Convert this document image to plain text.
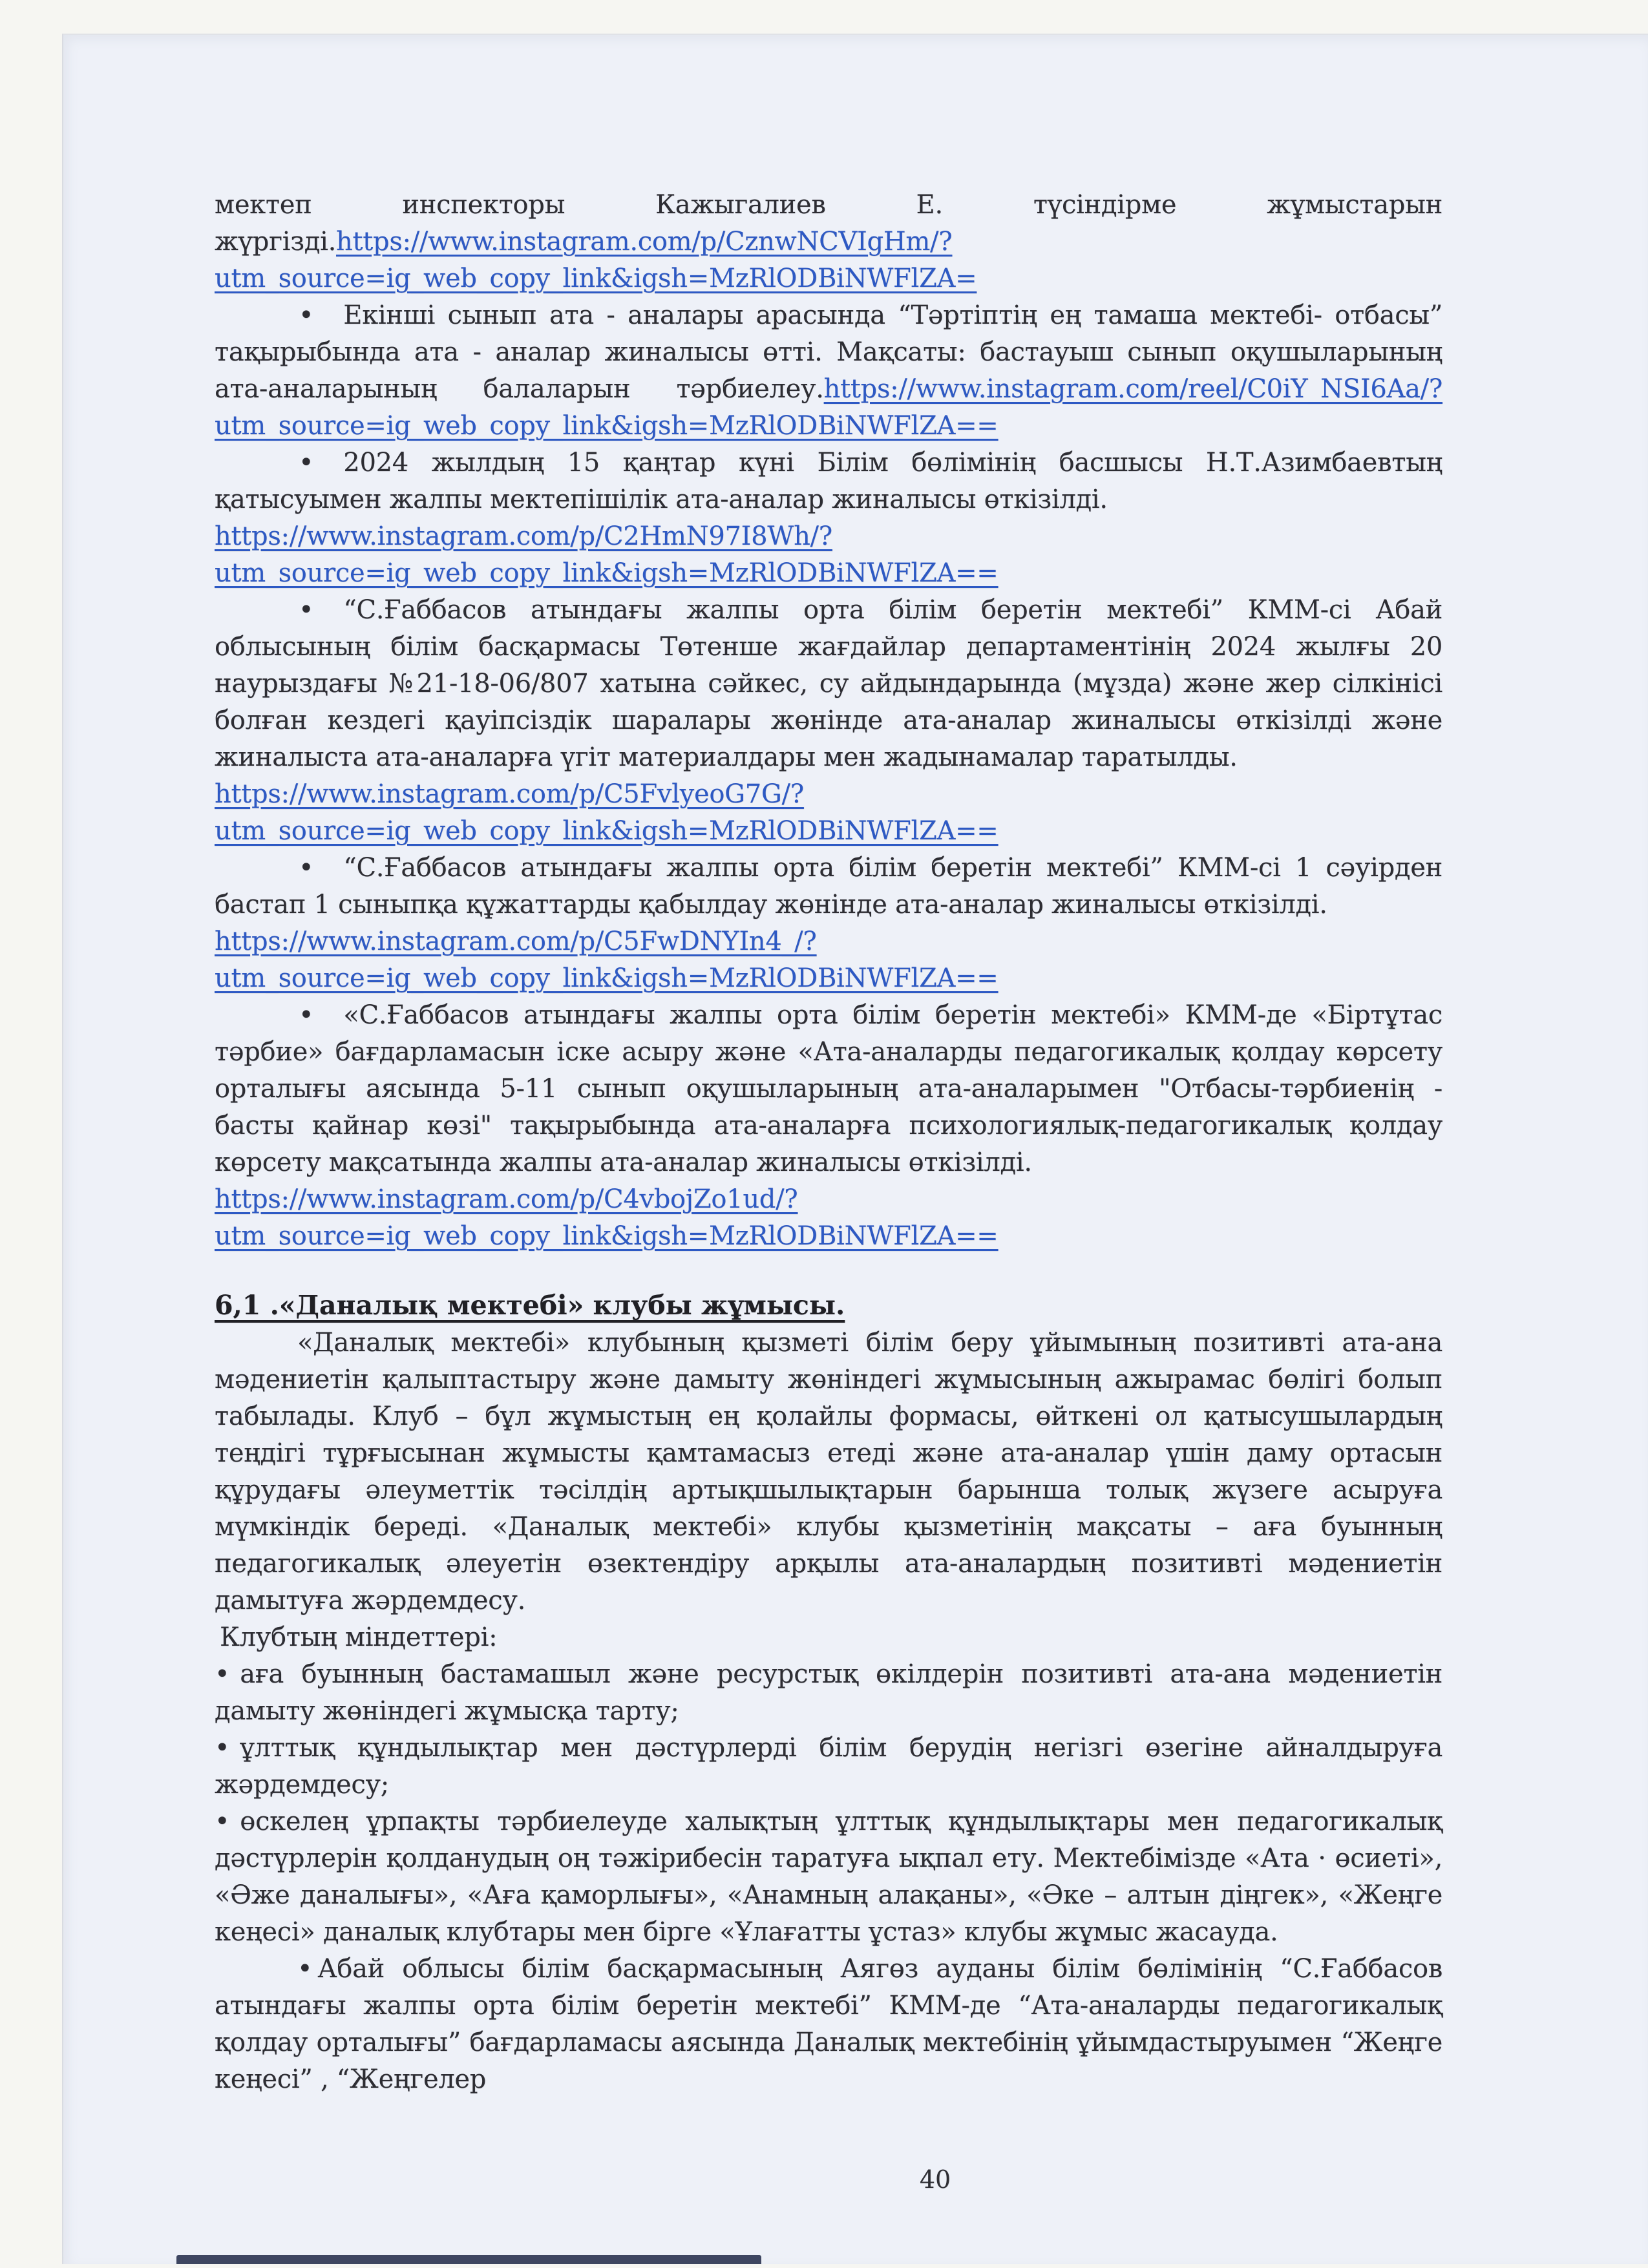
мектеп инспекторы Кажыгалиев Е. түсіндірме жұмыстарын жүргізді.https://www.instagram.com/p/CznwNCVIgHm/?utm_source=ig_web_copy_link&igsh=MzRlODBiNWFlZA=

• Екінші сынып ата - аналары арасында “Тәртіптің ең тамаша мектебі- отбасы” тақырыбында ата - аналар жиналысы өтті. Мақсаты: бастауыш сынып оқушыларының ата-аналарының балаларын тәрбиелеу.https://www.instagram.com/reel/C0iY_NSI6Aa/?utm_source=ig_web_copy_link&igsh=MzRlODBiNWFlZA==

• 2024 жылдың 15 қаңтар күні Білім бөлімінің басшысы Н.Т.Азимбаевтың қатысуымен жалпы мектепішілік ата-аналар жиналысы өткізілді.

https://www.instagram.com/p/C2HmN97I8Wh/?utm_source=ig_web_copy_link&igsh=MzRlODBiNWFlZA==

• “С.Ғаббасов атындағы жалпы орта білім беретін мектебі” КММ-сі Абай облысының білім басқармасы Төтенше жағдайлар департаментінің 2024 жылғы 20 наурыздағы №21-18-06/807 хатына сәйкес, су айдындарында (мұзда) және жер сілкінісі болған кездегі қауіпсіздік шаралары жөнінде ата-аналар жиналысы өткізілді және жиналыста ата-аналарға үгіт материалдары мен жадынамалар таратылды.

https://www.instagram.com/p/C5FvlyeoG7G/?utm_source=ig_web_copy_link&igsh=MzRlODBiNWFlZA==

• “С.Ғаббасов атындағы жалпы орта білім беретін мектебі” КММ-сі 1 сәуірден бастап 1 сыныпқа құжаттарды қабылдау жөнінде ата-аналар жиналысы өткізілді.

https://www.instagram.com/p/C5FwDNYIn4_/?utm_source=ig_web_copy_link&igsh=MzRlODBiNWFlZA==

• «С.Ғаббасов атындағы жалпы орта білім беретін мектебі» КММ-де «Біртұтас тәрбие» бағдарламасын іске асыру және «Ата-аналарды педагогикалық қолдау көрсету орталығы аясында 5-11 сынып оқушыларының ата-аналарымен "Отбасы-тәрбиенің - басты қайнар көзі" тақырыбында ата-аналарға психологиялық-педагогикалық қолдау көрсету мақсатында жалпы ата-аналар жиналысы өткізілді.

https://www.instagram.com/p/C4vbojZo1ud/?utm_source=ig_web_copy_link&igsh=MzRlODBiNWFlZA==

6,1 .«Даналық мектебі» клубы жұмысы.

«Даналық мектебі» клубының қызметі білім беру ұйымының позитивті ата-ана мәдениетін қалыптастыру және дамыту жөніндегі жұмысының ажырамас бөлігі болып табылады. Клуб – бұл жұмыстың ең қолайлы формасы, өйткені ол қатысушылардың теңдігі тұрғысынан жұмысты қамтамасыз етеді және ата-аналар үшін даму ортасын құрудағы әлеуметтік тәсілдің артықшылықтарын барынша толық жүзеге асыруға мүмкіндік береді. «Даналық мектебі» клубы қызметінің мақсаты – аға буынның педагогикалық әлеуетін өзектендіру арқылы ата-аналардың позитивті мәдениетін дамытуға жәрдемдесу.

Клубтың міндеттері:

• аға буынның бастамашыл және ресурстық өкілдерін позитивті ата-ана мәдениетін дамыту жөніндегі жұмысқа тарту;

• ұлттық құндылықтар мен дәстүрлерді білім берудің негізгі өзегіне айналдыруға жәрдемдесу;

• өскелең ұрпақты тәрбиелеуде халықтың ұлттық құндылықтары мен педагогикалық дәстүрлерін қолданудың оң тәжірибесін таратуға ықпал ету. Мектебімізде «Ата · өсиеті», «Әже даналығы», «Аға қаморлығы», «Анамның алақаны», «Әке – алтын діңгек», «Жеңге кеңесі» даналық клубтары мен бірге «Ұлағатты ұстаз» клубы жұмыс жасауда.

• Абай облысы білім басқармасының Аягөз ауданы білім бөлімінің “С.Ғаббасов атындағы жалпы орта білім беретін мектебі” КММ-де “Ата-аналарды педагогикалық қолдау орталығы” бағдарламасы аясында Даналық мектебінің ұйымдастыруымен “Жеңге кеңесі” , “Жеңгелер

40
